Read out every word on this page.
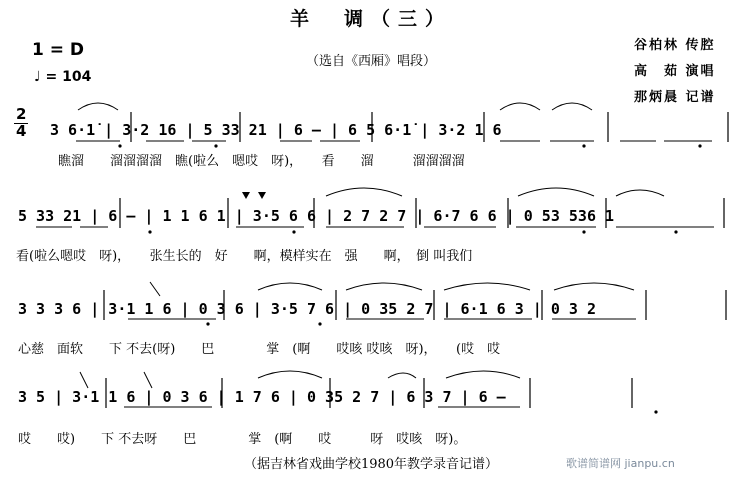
羊　调（三）
（选自《西厢》唱段）
1 = D
♩ = 104
谷柏林 传腔
高　茹 演唱
那炳晨 记谱
2
4 3 6·1̇ | 3·2 16 | 5 33 21 | 6 – | 6 5 6·1̇ | 3·2 1 6
瞧溜　　溜溜溜溜　瞧(啦么　嗯哎　呀)，　　看　　溜　　　溜溜溜溜
5 33 21 | 6 – | 1 1 6 1 | 3·5 6 6 | 2 7 2 7 | 6·7 6 6 | 0 53 536 1
看(啦么嗯哎　呀)，　　张生长的　好　　啊，模样实在　强　　啊，　倒 叫我们
3 3 3 6 | 3·1 1 6 | 0 3 6 | 3·5 7 6 | 0 35 2 7 | 6·1 6 3 | 0 3 2
心慈　面软　　下 不去(呀)　　巴　　　　掌　(啊　　哎咳 哎咳　呀)，　　(哎　哎
3 5 | 3·1 1 6 | 0 3 6 | 1 7 6 | 0 35 2 7 | 6 3 7 | 6 –
哎　　哎)　　下 不去呀　　巴　　　　掌　(啊　　哎　　　呀　哎咳　呀)。
（据吉林省戏曲学校1980年教学录音记谱）	歌谱简谱网 jianpu.cn
